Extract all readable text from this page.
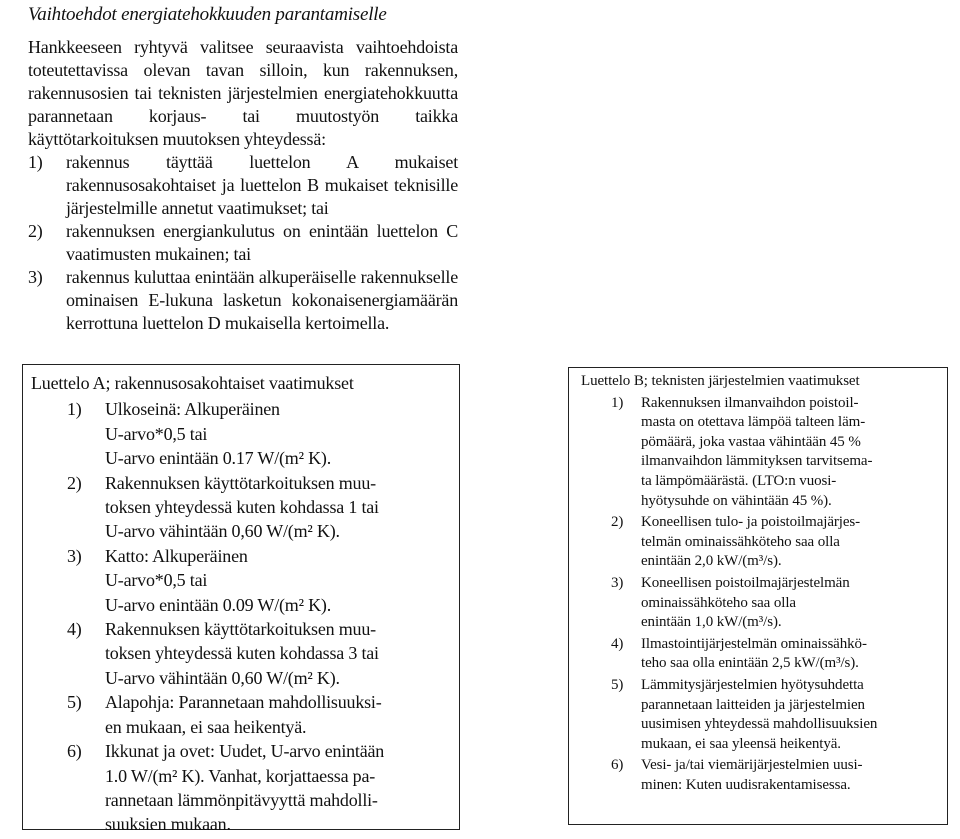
Vaihtoehdot energiatehokkuuden parantamiselle

Hankkeeseen ryhtyvä valitsee seuraavista vaihtoehdoista toteutettavissa olevan tavan silloin, kun rakennuksen, rakennusosien tai teknisten järjestelmien energiatehokkuutta parannetaan korjaus- tai muutostyön taikka käyttötarkoituksen muutoksen yhteydessä:

1)	rakennus täyttää luettelon A mukaiset rakennusosakohtaiset ja luettelon B mukaiset teknisille järjestelmille annetut vaatimukset; tai
2)	rakennuksen energiankulutus on enintään luettelon C vaatimusten mukainen; tai
3)	rakennus kuluttaa enintään alkuperäiselle rakennukselle ominaisen E-lukuna lasketun kokonaisenergiamäärän kerrottuna luettelon D mukaisella kertoimella.
Luettelo A; rakennusosakohtaiset vaatimukset
1)	Ulkoseinä: Alkuperäinen
U-arvo*0,5 tai
U-arvo enintään 0.17 W/(m² K).
2)	Rakennuksen käyttötarkoituksen muu-
toksen yhteydessä kuten kohdassa 1 tai
U-arvo vähintään 0,60 W/(m² K).
3)	Katto: Alkuperäinen
U-arvo*0,5 tai
U-arvo enintään 0.09 W/(m² K).
4)	Rakennuksen käyttötarkoituksen muu-
toksen yhteydessä kuten kohdassa 3 tai
U-arvo vähintään 0,60 W/(m² K).
5)	Alapohja: Parannetaan mahdollisuuksi-
en mukaan, ei saa heikentyä.
6)	Ikkunat ja ovet: Uudet, U-arvo enintään
1.0 W/(m² K). Vanhat, korjattaessa pa-
rannetaan lämmönpitävyyttä mahdolli-
suuksien mukaan.
Luettelo B; teknisten järjestelmien vaatimukset
1)	Rakennuksen ilmanvaihdon poistoil-
masta on otettava lämpöä talteen läm-
pömäärä, joka vastaa vähintään 45 %
ilmanvaihdon lämmityksen tarvitsema-
ta lämpömäärästä. (LTO:n vuosi-
hyötysuhde on vähintään 45 %).
2)	Koneellisen tulo- ja poistoilmajärjes-
telmän ominaissähköteho saa olla
enintään 2,0 kW/(m³/s).
3)	Koneellisen poistoilmajärjestelmän
ominaissähköteho saa olla
enintään 1,0 kW/(m³/s).
4)	Ilmastointijärjestelmän ominaissähkö-
teho saa olla enintään 2,5 kW/(m³/s).
5)	Lämmitysjärjestelmien hyötysuhdetta
parannetaan laitteiden ja järjestelmien
uusimisen yhteydessä mahdollisuuksien
mukaan, ei saa yleensä heikentyä.
6)	Vesi- ja/tai viemärijärjestelmien uusi-
minen: Kuten uudisrakentamisessa.
